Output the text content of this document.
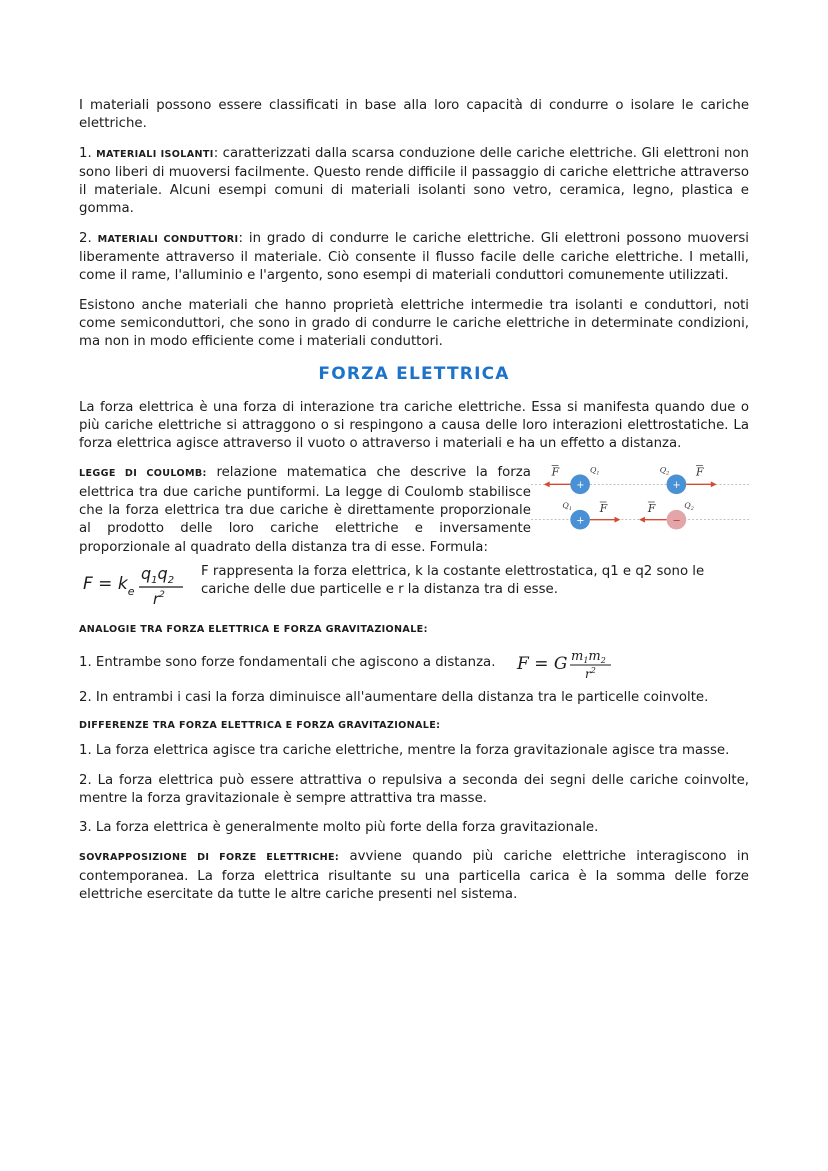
I materiali possono essere classificati in base alla loro capacità di condurre o isolare le cariche elettriche.

1. MATERIALI ISOLANTI: caratterizzati dalla scarsa conduzione delle cariche elettriche. Gli elettroni non sono liberi di muoversi facilmente. Questo rende difficile il passaggio di cariche elettriche attraverso il materiale. Alcuni esempi comuni di materiali isolanti sono vetro, ceramica, legno, plastica e gomma.

2. MATERIALI CONDUTTORI: in grado di condurre le cariche elettriche. Gli elettroni possono muoversi liberamente attraverso il materiale. Ciò consente il flusso facile delle cariche elettriche. I metalli, come il rame, l'alluminio e l'argento, sono esempi di materiali conduttori comunemente utilizzati.

Esistono anche materiali che hanno proprietà elettriche intermedie tra isolanti e conduttori, noti come semiconduttori, che sono in grado di condurre le cariche elettriche in determinate condizioni, ma non in modo efficiente come i materiali conduttori.

FORZA ELETTRICA

La forza elettrica è una forza di interazione tra cariche elettriche. Essa si manifesta quando due o più cariche elettriche si attraggono o si respingono a causa delle loro interazioni elettrostatiche. La forza elettrica agisce attraverso il vuoto o attraverso i materiali e ha un effetto a distanza.

LEGGE DI COULOMB: relazione matematica che descrive la forza elettrica tra due cariche puntiformi. La legge di Coulomb stabilisce che la forza elettrica tra due cariche è direttamente proporzionale al prodotto delle loro cariche elettriche e inversamente proporzionale al quadrato della distanza tra di esse. Formula:

+
F	$Q_1$
+
F
$Q_2$
+
F
$Q_1$
−
F	$Q_2$
$F = k_e$
$q_1q_2$
$r^2$

F rappresenta la forza elettrica, k la costante elettrostatica, q1 e q2 sono le cariche delle due particelle e r la distanza tra di esse.

ANALOGIE TRA FORZA ELETTRICA E FORZA GRAVITAZIONALE:

1. Entrambe sono forze fondamentali che agiscono a distanza. F = G $m_1m_2$
$r^2$

2. In entrambi i casi la forza diminuisce all'aumentare della distanza tra le particelle coinvolte.

DIFFERENZE TRA FORZA ELETTRICA E FORZA GRAVITAZIONALE:

1. La forza elettrica agisce tra cariche elettriche, mentre la forza gravitazionale agisce tra masse.

2. La forza elettrica può essere attrattiva o repulsiva a seconda dei segni delle cariche coinvolte, mentre la forza gravitazionale è sempre attrattiva tra masse.

3. La forza elettrica è generalmente molto più forte della forza gravitazionale.

SOVRAPPOSIZIONE DI FORZE ELETTRICHE: avviene quando più cariche elettriche interagiscono in contemporanea. La forza elettrica risultante su una particella carica è la somma delle forze elettriche esercitate da tutte le altre cariche presenti nel sistema.
